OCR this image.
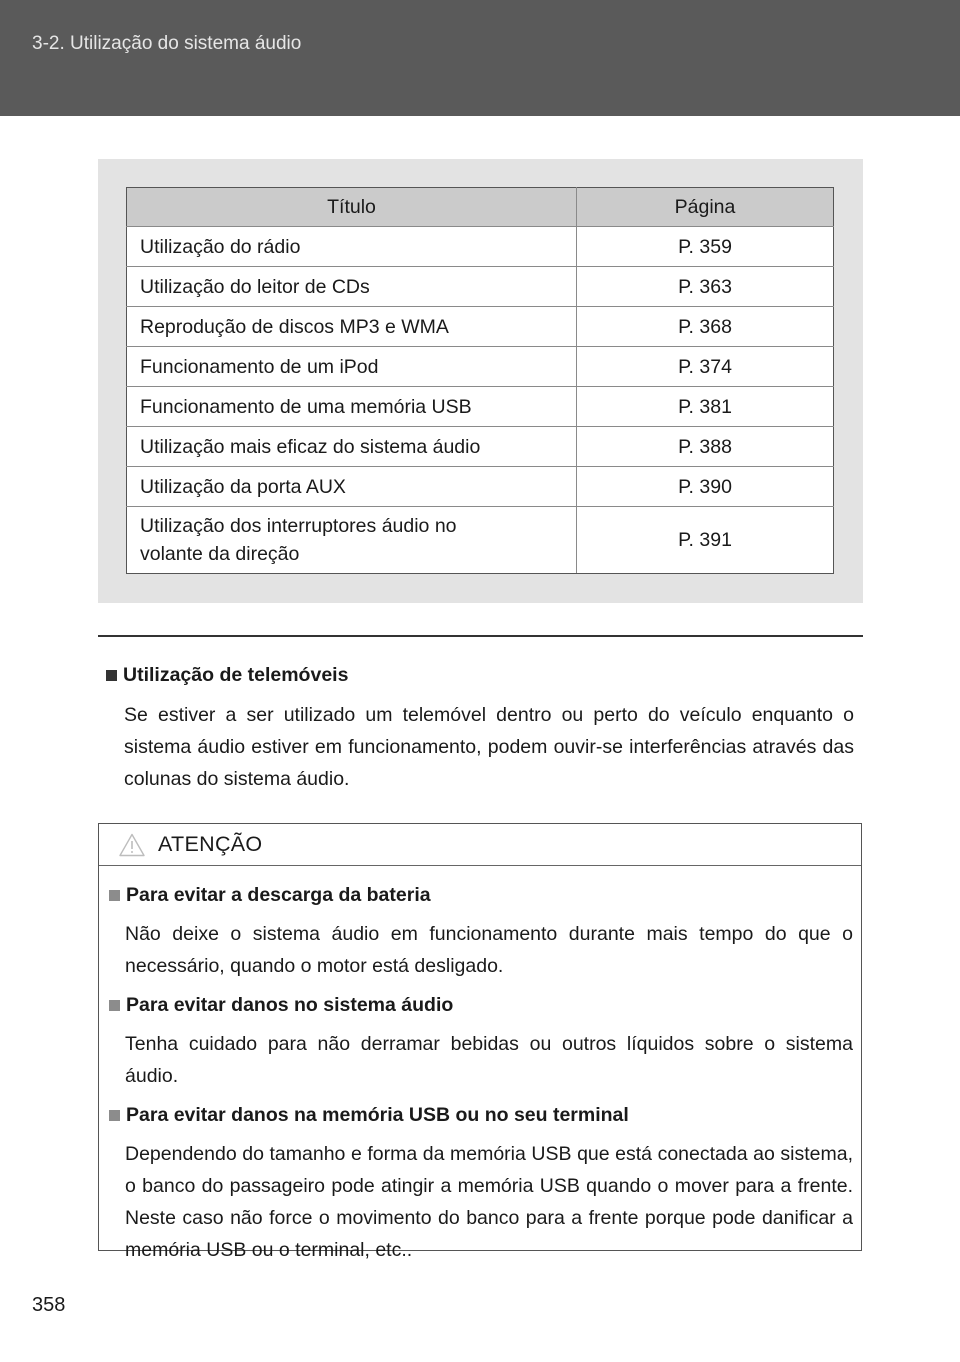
3-2. Utilização do sistema áudio
Título	Página
Utilização do rádio	P. 359
Utilização do leitor de CDs	P. 363
Reprodução de discos MP3 e WMA	P. 368
Funcionamento de um iPod	P. 374
Funcionamento de uma memória USB	P. 381
Utilização mais eficaz do sistema áudio	P. 388
Utilização da porta AUX	P. 390
Utilização dos interruptores áudio no volante da direção	P. 391
Utilização de telemóveis
Se estiver a ser utilizado um telemóvel dentro ou perto do veículo enquanto o sistema áudio estiver em funcionamento, podem ouvir-se interferências através das colunas do sistema áudio.
ATENÇÃO
Para evitar a descarga da bateria
Não deixe o sistema áudio em funcionamento durante mais tempo do que o necessário, quando o motor está desligado.
Para evitar danos no sistema áudio
Tenha cuidado para não derramar bebidas ou outros líquidos sobre o sistema áudio.
Para evitar danos na memória USB ou no seu terminal
Dependendo do tamanho e forma da memória USB que está conectada ao sistema, o banco do passageiro pode atingir a memória USB quando o mover para a frente. Neste caso não force o movimento do banco para a frente porque pode danificar a memória USB ou o terminal, etc..
358
